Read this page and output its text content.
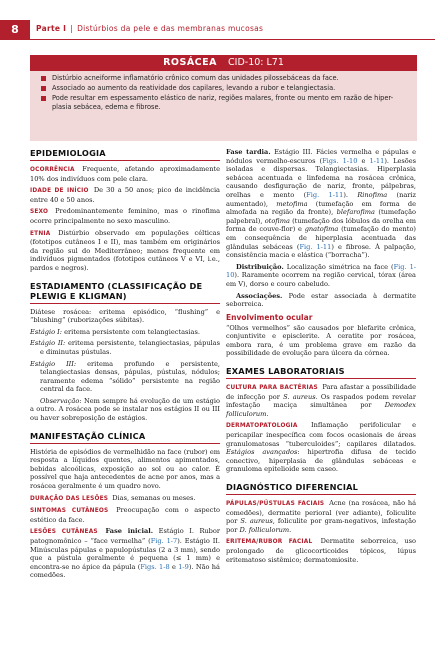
8	Parte I | Distúrbios da pele e das membranas mucosas
ROSÁCEA CID-10: L71
Distúrbio acneiforme inflamatório crônico comum das unidades pilossebáceas da face.
Associado ao aumento da reatividade dos capilares, levando a rubor e telangiectasia.
Pode resultar em espessamento elástico de nariz, regiões malares, fronte ou mento em razão de hiper-plasia sebácea, edema e fibrose.
EPIDEMIOLOGIA

OCORRÊNCIA Frequente, afetando aproximadamente 10% dos indivíduos com pele clara.

IDADE DE INÍCIO De 30 a 50 anos; pico de incidência entre 40 e 50 anos.

SEXO Predominantemente feminino, mas o rinofima ocorre principalmente no sexo masculino.

ETNIA Distúrbio observado em populações célticas (fototipos cutâneos I e II), mas também em originários da região sul do Mediterrâneo; menos frequente em indivíduos pigmentados (fototipos cutâneos V e VI, i.e., pardos e negros).

ESTADIAMENTO (CLASSIFICAÇÃO DE PLEWIG E KLIGMAN)

Diátese rosácea: eritema episódico, “flushing” e “blushing” (ruborizações súbitas).

Estágio I: eritema persistente com telangiectasias.

Estágio II: eritema persistente, telangiectasias, pápulas e diminutas pústulas.

Estágio III: eritema profundo e persistente, telangiectasias densas, pápulas, pústulas, nódulos; raramente edema “sólido” persistente na região central da face.

Observação: Nem sempre há evolução de um estágio a outro. A rosácea pode se instalar nos estágios II ou III ou haver sobreposição de estágios.

MANIFESTAÇÃO CLÍNICA

História de episódios de vermelhidão na face (rubor) em resposta a líquidos quentes, alimentos apimentados, bebidas alcoólicas, exposição ao sol ou ao calor. É possível que haja antecedentes de acne por anos, mas a rosácea geralmente é um quadro novo.

DURAÇÃO DAS LESÕES Dias, semanas ou meses.

SINTOMAS CUTÂNEOS Preocupação com o aspecto estético da face.

LESÕES CUTÂNEAS Fase inicial. Estágio I. Rubor patognomônico – “face vermelha” (Fig. 1-7). Estágio II. Minúsculas pápulas e papulopústulas (2 a 3 mm), sendo que a pústula geralmente é pequena (≤ 1 mm) e encontra-se no ápice da pápula (Figs. 1-8 e 1-9). Não há comedões.

Fase tardia. Estágio III. Fácies vermelha e pápulas e nódulos vermelho-escuros (Figs. 1-10 e 1-11). Lesões isoladas e dispersas. Telangiectasias. Hiperplasia sebácea acentuada e linfedema na rosácea crônica, causando desfiguração de nariz, fronte, pálpebras, orelhas e mento (Fig. 1-11). Rinofima (nariz aumentado), metofima (tumefação em forma de almofada na região da fronte), blefarofima (tumefação palpebral), otofima (tumefação dos lóbulos da orelha em forma de couve-flor) e gnatofima (tumefação do mento) em consequência de hiperplasia acentuada das glândulas sebáceas (Fig. 1-11) e fibrose. À palpação, consistência macia e elástica (“borracha”).

Distribuição. Localização simétrica na face (Fig. 1-10). Raramente ocorrem na região cervical, tórax (área em V), dorso e couro cabeludo.

Associações. Pode estar associada à dermatite seborreica.

Envolvimento ocular

“Olhos vermelhos” são causados por blefarite crônica, conjuntivite e episclerite. A ceratite por rosácea, embora rara, é um problema grave em razão da possibilidade de evolução para úlcera da córnea.

EXAMES LABORATORIAIS

CULTURA PARA BACTÉRIAS Para afastar a possibilidade de infecção por S. aureus. Os raspados podem revelar infestação maciça simultânea por Demodex folliculorum.

DERMATOPATOLOGIA Inflamação perifolicular e pericapilar inespecífica com focos ocasionais de áreas granulomatosas “tuberculoides”; capilares dilatados. Estágios avançados: hipertrofia difusa de tecido conectivo, hiperplasia de glândulas sebáceas e granuloma epitelioide sem caseo.

DIAGNÓSTICO DIFERENCIAL

PÁPULAS/PÚSTULAS FACIAIS Acne (na rosácea, não há comedões), dermatite perioral (ver adiante), foliculite por S. aureus, foliculite por gram-negativos, infestação por D. folliculorum.

ERITEMA/RUBOR FACIAL Dermatite seborreica, uso prolongado de glicocorticoides tópicos, lúpus eritematoso sistêmico; dermatomiosite.
